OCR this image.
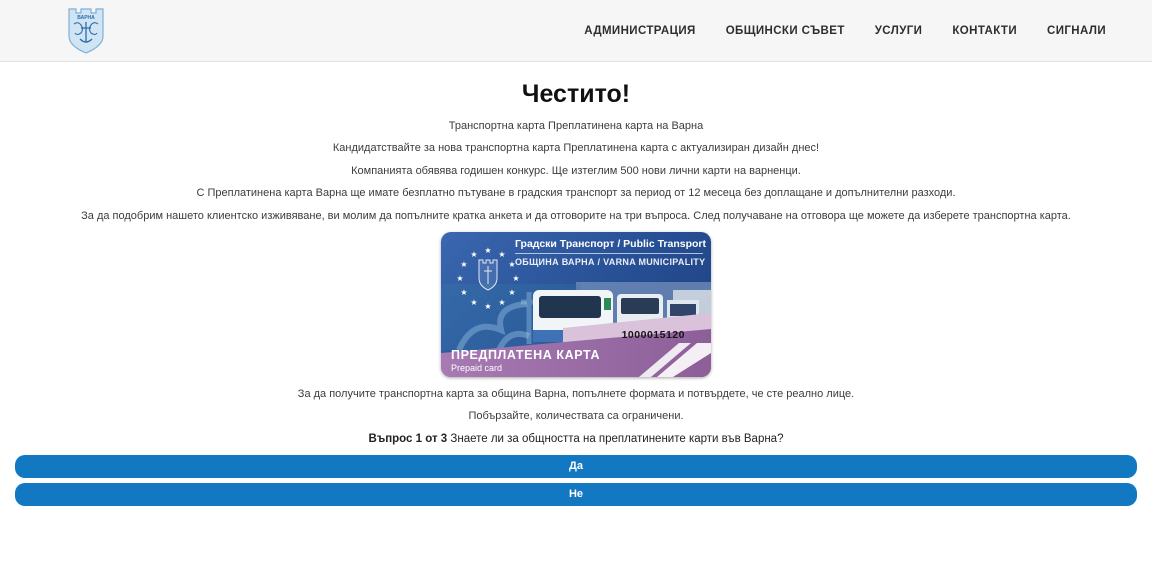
ВАРНА
АДМИНИСТРАЦИЯ	ОБЩИНСКИ СЪВЕТ	УСЛУГИ	КОНТАКТИ	СИГНАЛИ
Честито!

Транспортна карта Преплатинена карта на Варна

Кандидатствайте за нова транспортна карта Преплатинена карта с актуализиран дизайн днес!

Компанията обявява годишен конкурс. Ще изтеглим 500 нови лични карти на варненци.

С Преплатинена карта Варна ще имате безплатно пътуване в градския транспорт за период от 12 месеца без доплащане и допълнителни разходи.

За да подобрим нашето клиентско изживяване, ви молим да попълните кратка анкета и да отговорите на три въпроса. След получаване на отговора ще можете да изберете транспортна карта.

★ ★
★
★
★
★
★
★
★
★
★
★
Градски Транспорт / Public Transport
ОБЩИНА ВАРНА / VARNA MUNICIPALITY
1000015120
ПРЕДПЛАТЕНА КАРТА
Prepaid card

За да получите транспортна карта за община Варна, попълнете формата и потвърдете, че сте реално лице.

Побързайте, количествата са ограничени.

Въпрос 1 от 3 Знаете ли за общността на преплатинените карти във Варна?

Да
Не
